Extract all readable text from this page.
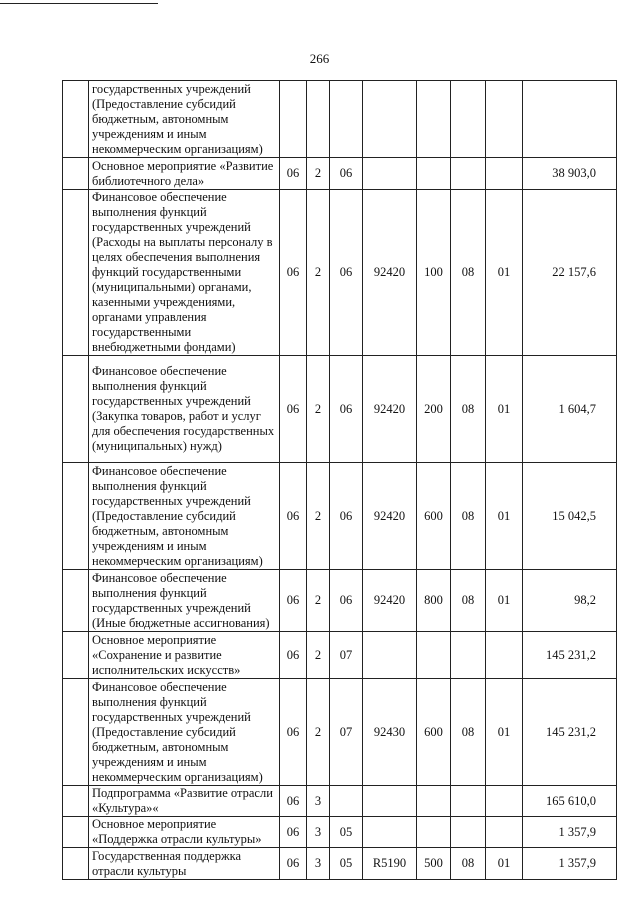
266
	государственных учреждений (Предоставление субсидий бюджетным, автономным учреждениям и иным некоммерческим организациям)								
	Основное мероприятие «Развитие библиотечного дела»	06	2	06					38 903,0
	Финансовое обеспечение выполнения функций государственных учреждений (Расходы на выплаты персоналу в целях обеспечения выполнения функций государственными (муниципальными) органами, казенными учреждениями, органами управления государственными внебюджетными фондами)	06	2	06	92420	100	08	01	22 157,6
	Финансовое обеспечение выполнения функций государственных учреждений (Закупка товаров, работ и услуг для обеспечения государственных (муниципальных) нужд)	06	2	06	92420	200	08	01	1 604,7
	Финансовое обеспечение выполнения функций государственных учреждений (Предоставление субсидий бюджетным, автономным учреждениям и иным некоммерческим организациям)	06	2	06	92420	600	08	01	15 042,5
	Финансовое обеспечение выполнения функций государственных учреждений (Иные бюджетные ассигнования)	06	2	06	92420	800	08	01	98,2
	Основное мероприятие «Сохранение и развитие исполнительских искусств»	06	2	07					145 231,2
	Финансовое обеспечение выполнения функций государственных учреждений (Предоставление субсидий бюджетным, автономным учреждениям и иным некоммерческим организациям)	06	2	07	92430	600	08	01	145 231,2
	Подпрограмма «Развитие отрасли «Культура»«	06	3						165 610,0
	Основное мероприятие «Поддержка отрасли культуры»	06	3	05					1 357,9
	Государственная поддержка отрасли культуры	06	3	05	R5190	500	08	01	1 357,9
